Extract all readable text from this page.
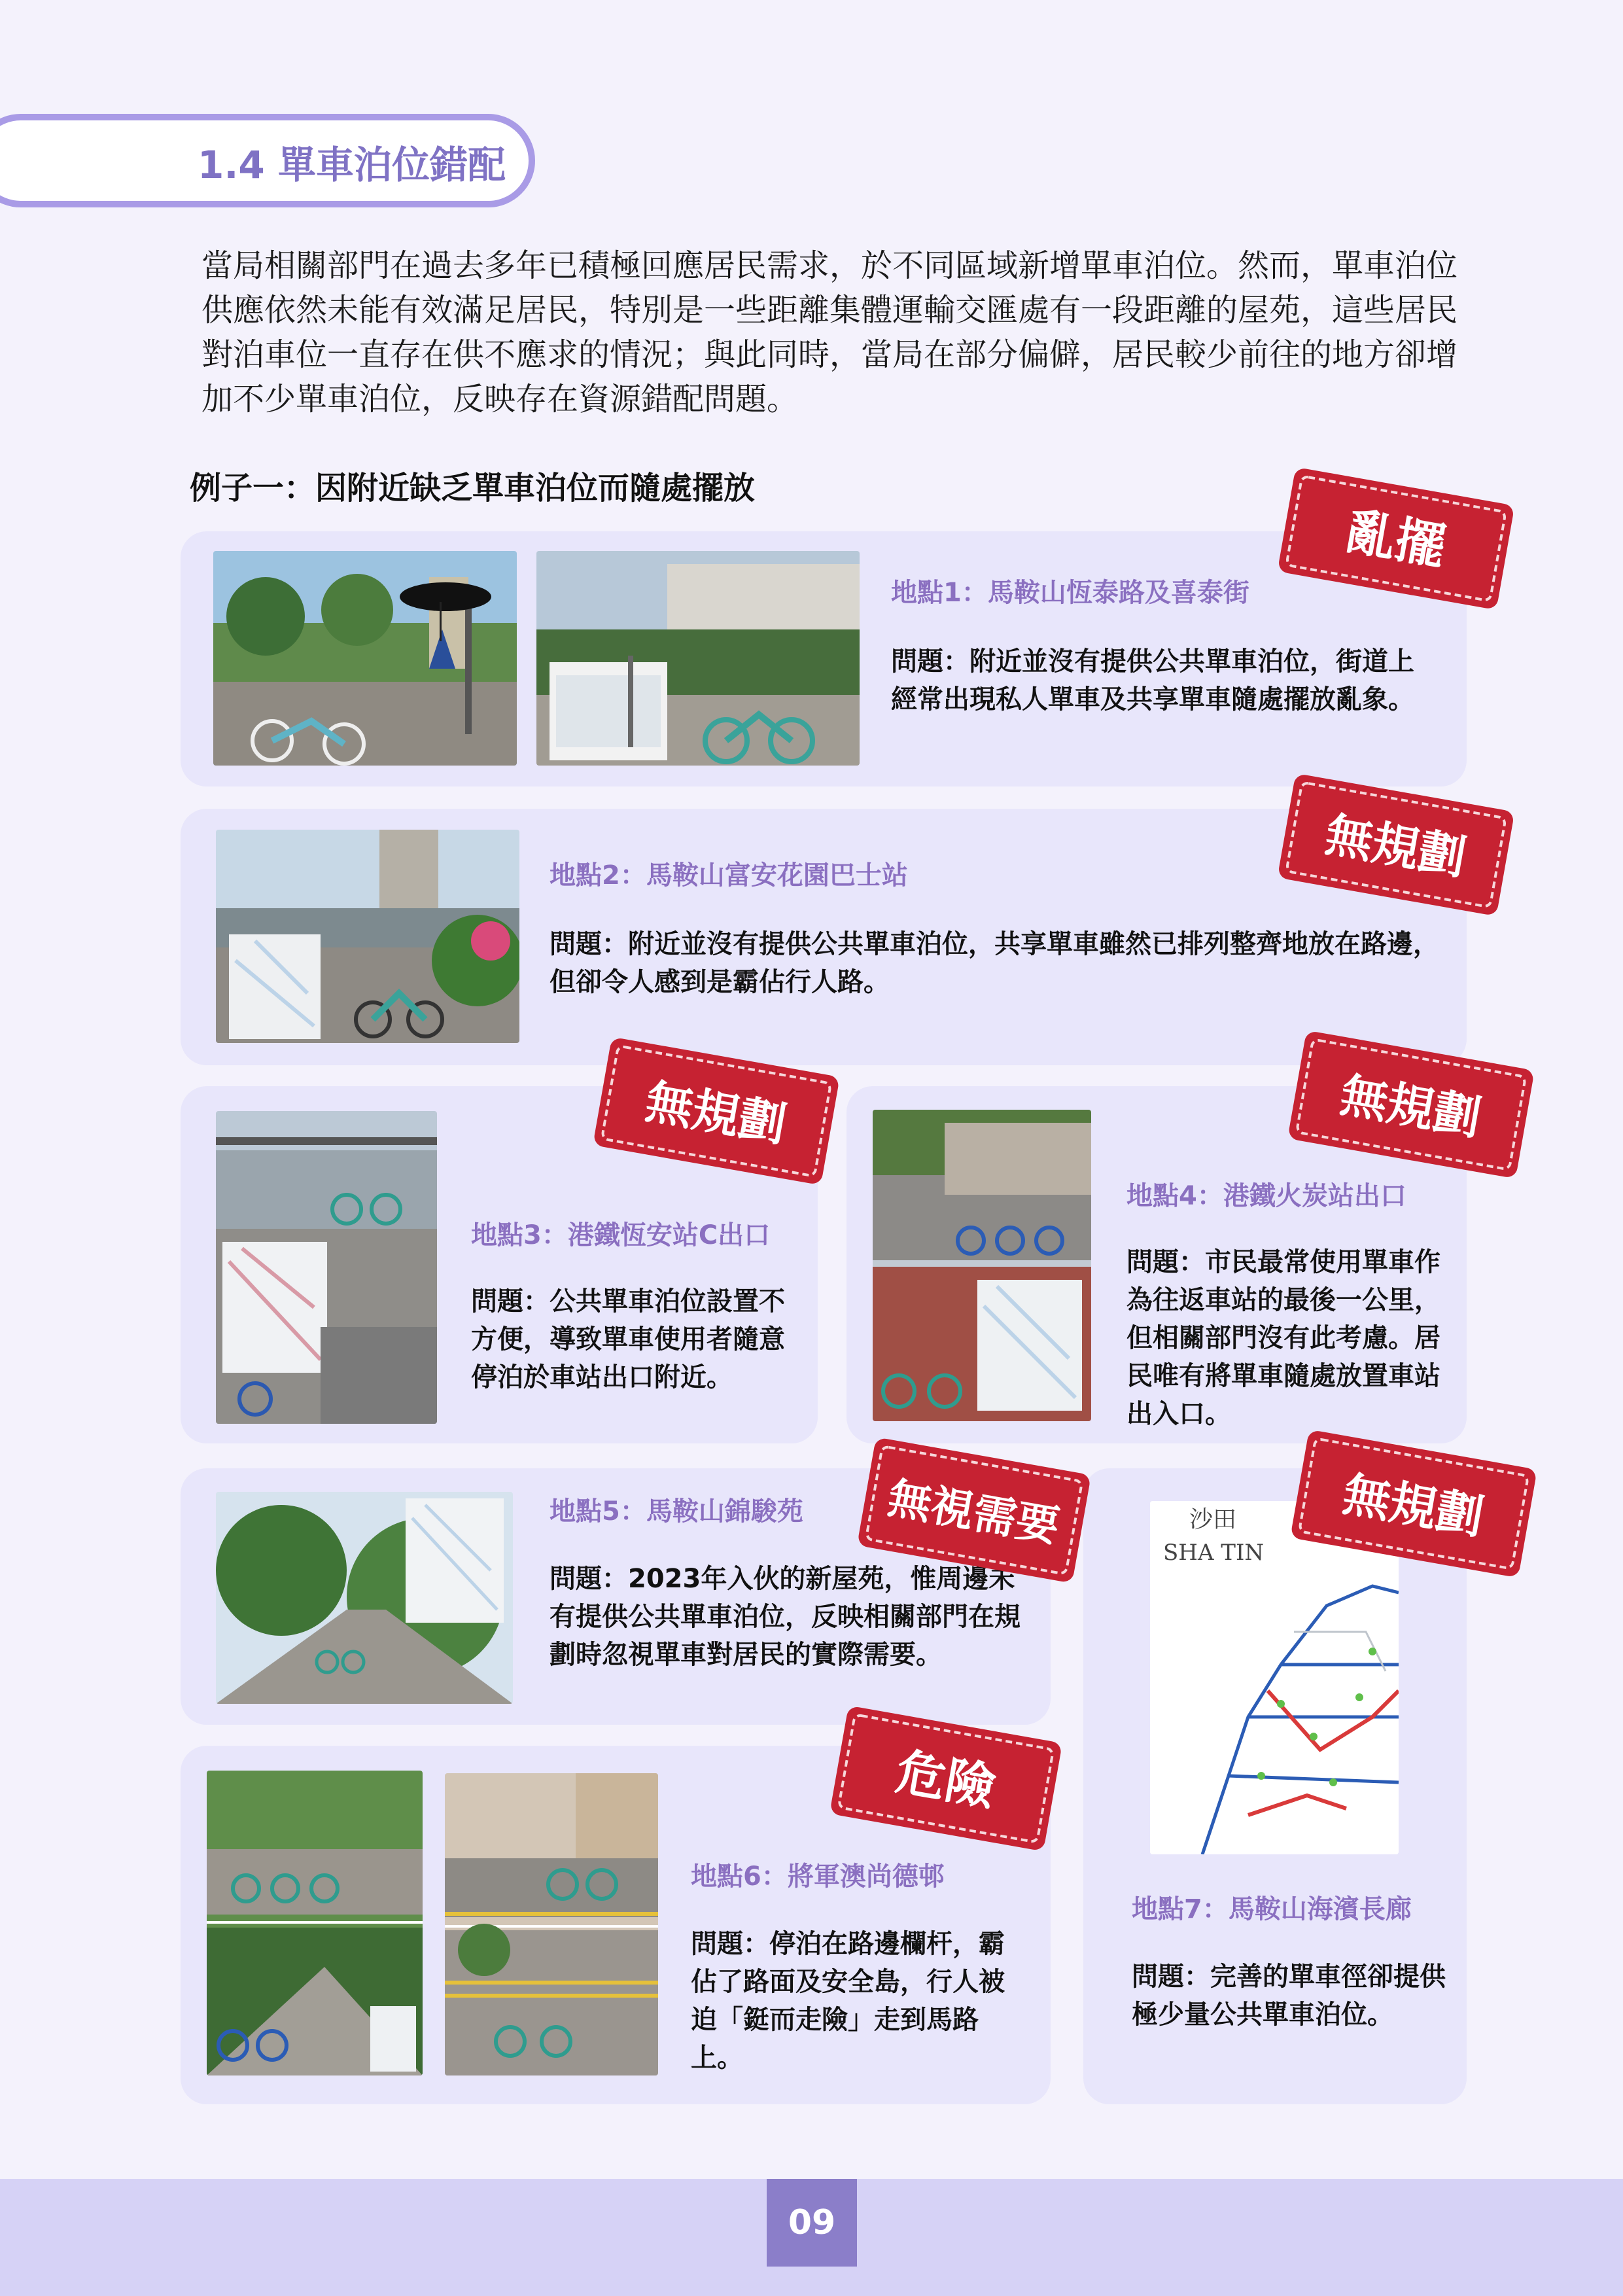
1.4 單車泊位錯配

當局相關部門在過去多年已積極回應居民需求，於不同區域新增單車泊位。然而，單車泊位供應依然未能有效滿足居民，特別是一些距離集體運輸交匯處有一段距離的屋苑，這些居民對泊車位一直存在供不應求的情況；與此同時，當局在部分偏僻，居民較少前往的地方卻增加不少單車泊位，反映存在資源錯配問題。

例子一：因附近缺乏單車泊位而隨處擺放
地點1：馬鞍山恆泰路及喜泰街
問題：附近並沒有提供公共單車泊位，街道上經常出現私人單車及共享單車隨處擺放亂象。
地點2：馬鞍山富安花園巴士站
問題：附近並沒有提供公共單車泊位，共享單車雖然已排列整齊地放在路邊，但卻令人感到是霸佔行人路。
地點3：港鐵恆安站C出口
問題：公共單車泊位設置不方便，導致單車使用者隨意停泊於車站出口附近。
地點4：港鐵火炭站出口
問題：市民最常使用單車作為往返車站的最後一公里，但相關部門沒有此考慮。居民唯有將單車隨處放置車站出入口。
地點5：馬鞍山錦駿苑
問題：2023年入伙的新屋苑，惟周邊未有提供公共單車泊位，反映相關部門在規劃時忽視單車對居民的實際需要。
地點6：將軍澳尚德邨
問題：停泊在路邊欄杆，霸佔了路面及安全島，行人被迫「鋌而走險」走到馬路上。
沙田
SHA TIN
地點7：馬鞍山海濱長廊
問題：完善的單車徑卻提供極少量公共單車泊位。
亂擺
無規劃
無規劃	無規劃
無視需要	無規劃
危險
09
